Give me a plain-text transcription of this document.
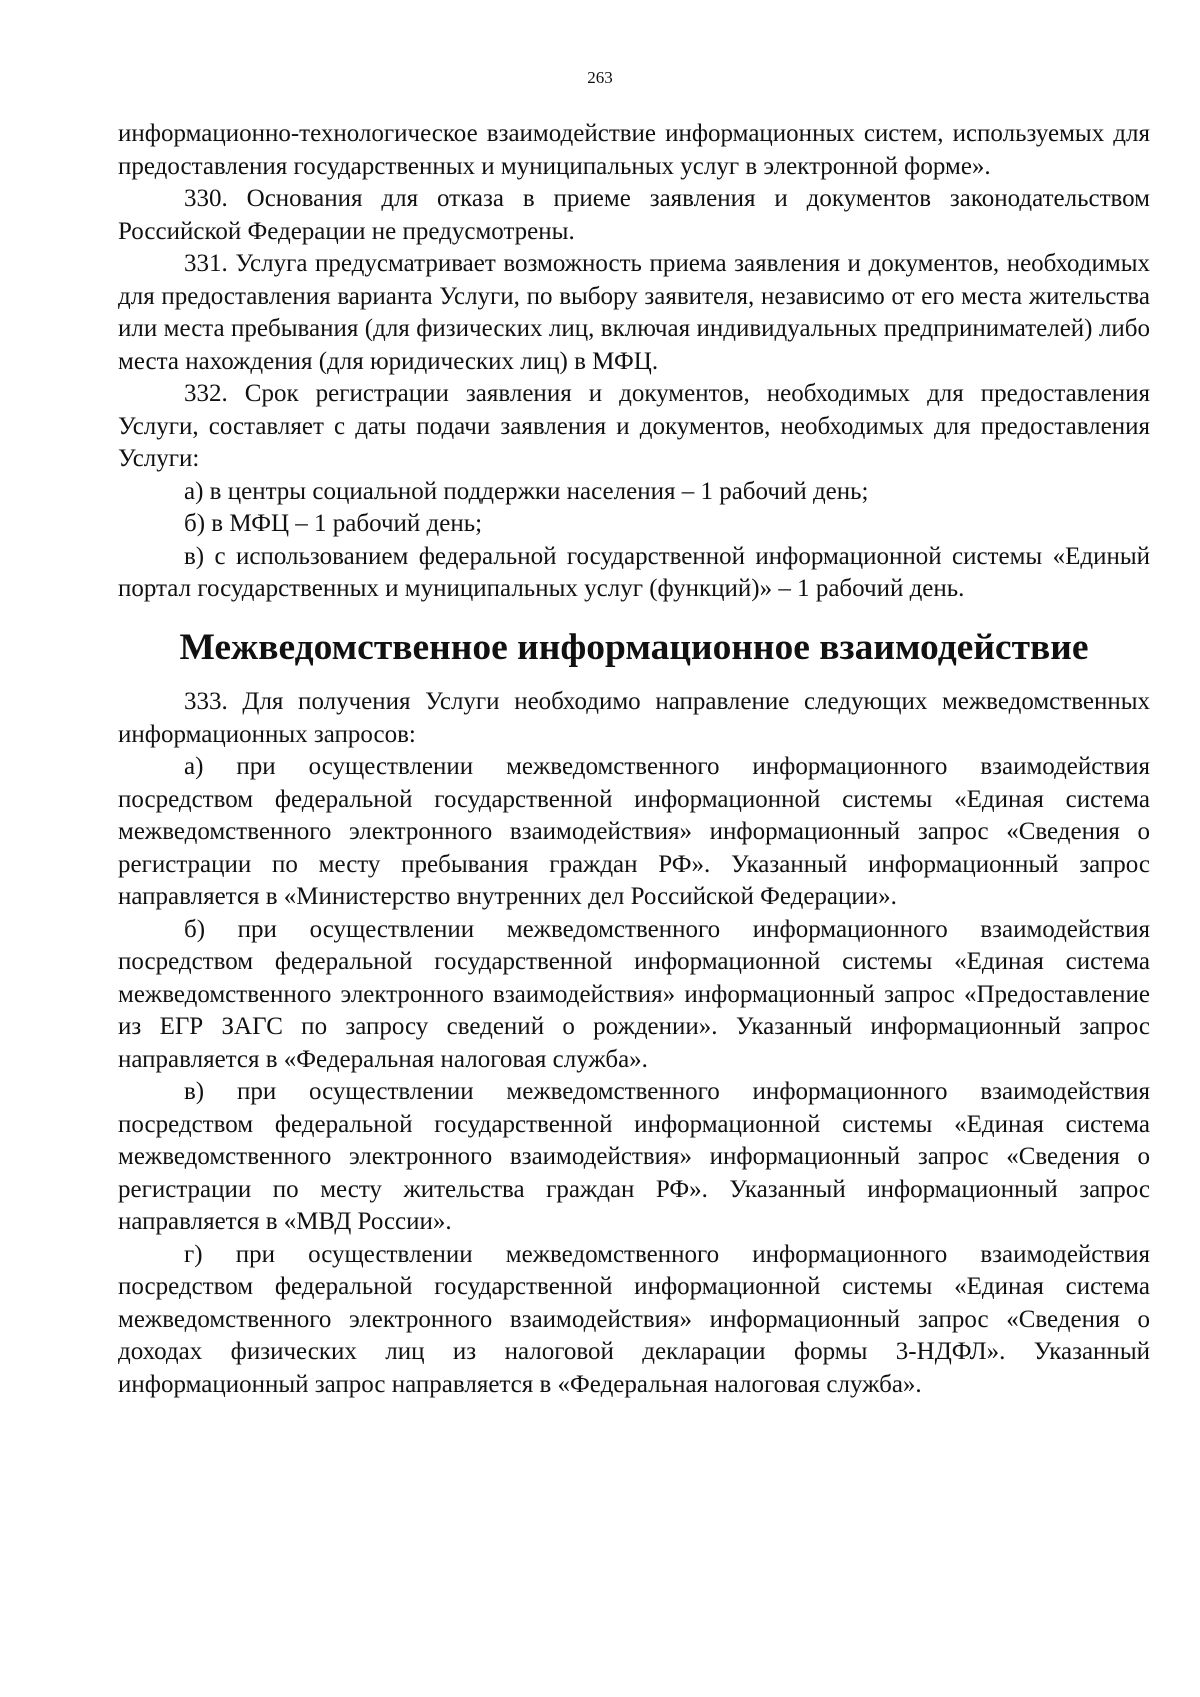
263

информационно-технологическое взаимодействие информационных систем, используемых для предоставления государственных и муниципальных услуг в электронной форме».

330. Основания для отказа в приеме заявления и документов законодательством Российской Федерации не предусмотрены.

331. Услуга предусматривает возможность приема заявления и документов, необходимых для предоставления варианта Услуги, по выбору заявителя, независимо от его места жительства или места пребывания (для физических лиц, включая индивидуальных предпринимателей) либо места нахождения (для юридических лиц) в МФЦ.

332. Срок регистрации заявления и документов, необходимых для предоставления Услуги, составляет с даты подачи заявления и документов, необходимых для предоставления Услуги:

а) в центры социальной поддержки населения – 1 рабочий день;

б) в МФЦ – 1 рабочий день;

в) с использованием федеральной государственной информационной системы «Единый портал государственных и муниципальных услуг (функций)» – 1 рабочий день.

Межведомственное информационное взаимодействие

333. Для получения Услуги необходимо направление следующих межведомственных информационных запросов:

а) при осуществлении межведомственного информационного взаимодействия посредством федеральной государственной информационной системы «Единая система межведомственного электронного взаимодействия» информационный запрос «Сведения о регистрации по месту пребывания граждан РФ». Указанный информационный запрос направляется в «Министерство внутренних дел Российской Федерации».

б) при осуществлении межведомственного информационного взаимодействия посредством федеральной государственной информационной системы «Единая система межведомственного электронного взаимодействия» информационный запрос «Предоставление из ЕГР ЗАГС по запросу сведений о рождении». Указанный информационный запрос направляется в «Федеральная налоговая служба».

в) при осуществлении межведомственного информационного взаимодействия посредством федеральной государственной информационной системы «Единая система межведомственного электронного взаимодействия» информационный запрос «Сведения о регистрации по месту жительства граждан РФ». Указанный информационный запрос направляется в «МВД России».

г) при осуществлении межведомственного информационного взаимодействия посредством федеральной государственной информационной системы «Единая система межведомственного электронного взаимодействия» информационный запрос «Сведения о доходах физических лиц из налоговой декларации формы 3-НДФЛ». Указанный информационный запрос направляется в «Федеральная налоговая служба».
